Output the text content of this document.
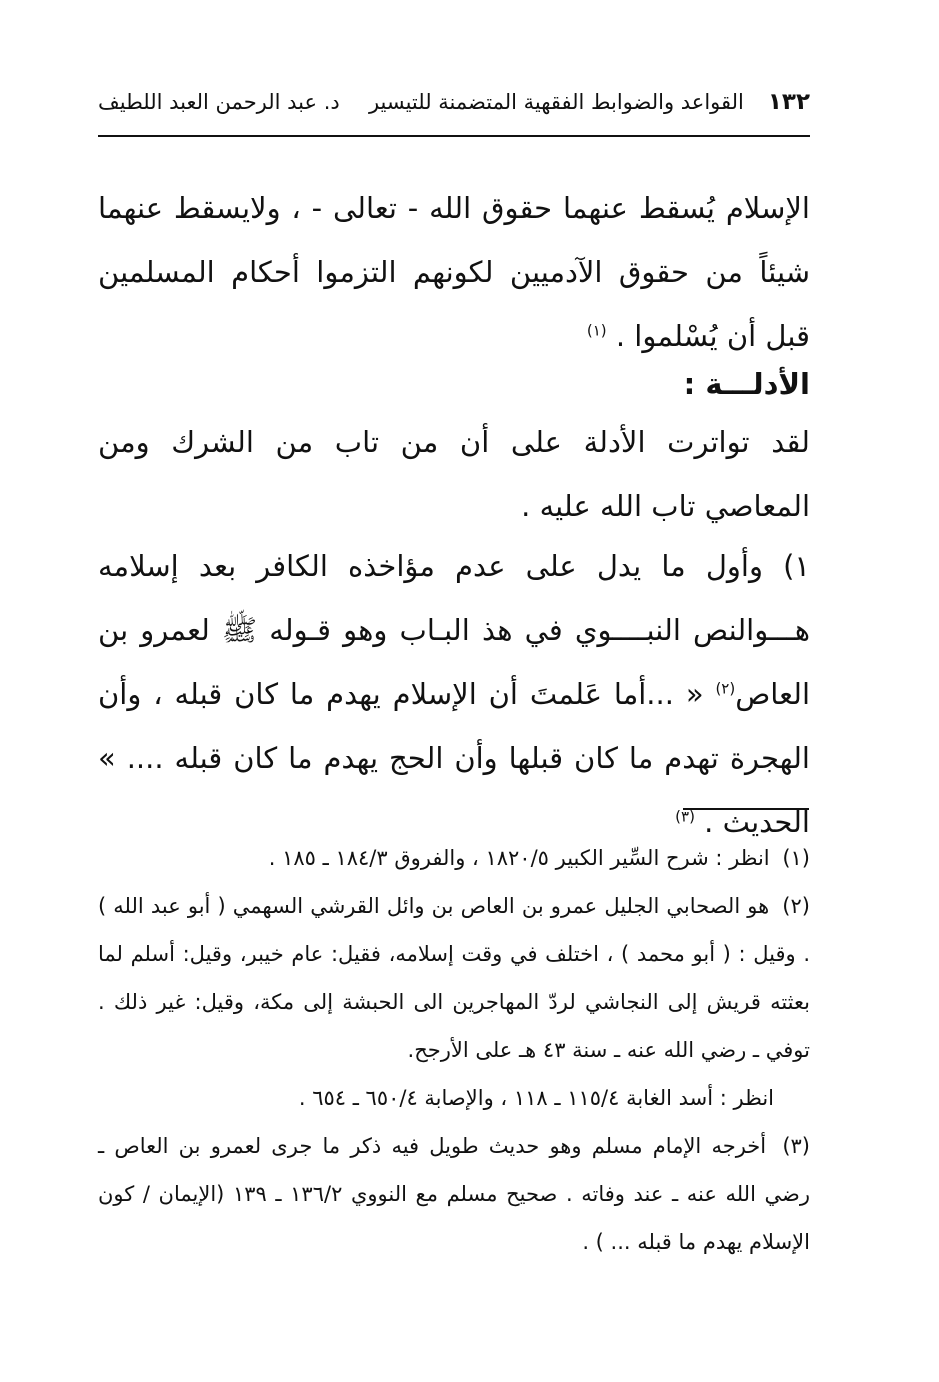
١٣٢
القواعد والضوابط الفقهية المتضمنة للتيسير
د. عبد الرحمن العبد اللطيف
الإسلام يُسقط عنهما حقوق الله - تعالى - ، ولايسقط عنهما شيئاً من حقوق الآدميين لكونهم التزموا أحكام المسلمين قبل أن يُسْلموا . $^{(١)}$
الأدلـــة :
لقد تواترت الأدلة على أن من تاب من الشرك ومن المعاصي تاب الله عليه .
١) وأول ما يدل على عدم مؤاخذه الكافر بعد إسلامه هـــوالنص النبــــوي في هذ البـاب وهو قـوله ﷺ لعمرو بن العاص$^{(٢)}$ « ...أما عَلمتَ أن الإسلام يهدم ما كان قبله ، وأن الهجرة تهدم ما كان قبلها وأن الحج يهدم ما كان قبله .... » الحديث . $^{(٣)}$

(١) انظر : شرح السِّير الكبير ١٨٢٠/٥ ، والفروق ١٨٤/٣ ـ ١٨٥ .

(٢) هو الصحابي الجليل عمرو بن العاص بن وائل القرشي السهمي ( أبو عبد الله ) . وقيل : ( أبو محمد ) ، اختلف في وقت إسلامه، فقيل: عام خيبر، وقيل: أسلم لما بعثته قريش إلى النجاشي لردّ المهاجرين الى الحبشة إلى مكة، وقيل: غير ذلك . توفي ـ رضي الله عنه ـ سنة ٤٣ هـ على الأرجح.

انظر : أسد الغابة ١١٥/٤ ـ ١١٨ ، والإصابة ٦٥٠/٤ ـ ٦٥٤ .

(٣) أخرجه الإمام مسلم وهو حديث طويل فيه ذكر ما جرى لعمرو بن العاص ـ رضي الله عنه ـ عند وفاته . صحيح مسلم مع النووي ١٣٦/٢ ـ ١٣٩ (الإيمان / كون الإسلام يهدم ما قبله ... ) .
